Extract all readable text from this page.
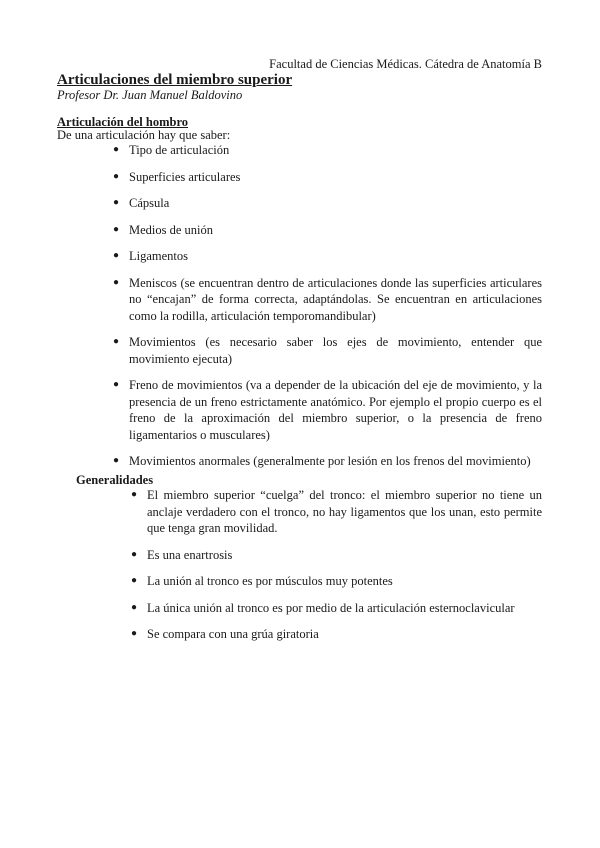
Facultad de Ciencias Médicas. Cátedra de Anatomía B
Articulaciones del miembro superior
Profesor Dr. Juan Manuel Baldovino
Articulación del hombro
De una articulación hay que saber:
● Tipo de articulación
● Superficies articulares
● Cápsula
● Medios de unión
● Ligamentos
● Meniscos (se encuentran dentro de articulaciones donde las superficies articulares no “encajan” de forma correcta, adaptándolas. Se encuentran en articulaciones como la rodilla, articulación temporomandibular)
● Movimientos (es necesario saber los ejes de movimiento, entender que movimiento ejecuta)
● Freno de movimientos (va a depender de la ubicación del eje de movimiento, y la presencia de un freno estrictamente anatómico. Por ejemplo el propio cuerpo es el freno de la aproximación del miembro superior, o la presencia de freno ligamentarios o musculares)
● Movimientos anormales (generalmente por lesión en los frenos del movimiento)
Generalidades
● El miembro superior “cuelga” del tronco: el miembro superior no tiene un anclaje verdadero con el tronco, no hay ligamentos que los unan, esto permite que tenga gran movilidad.
● Es una enartrosis
● La unión al tronco es por músculos muy potentes
● La única unión al tronco es por medio de la articulación esternoclavicular
● Se compara con una grúa giratoria
